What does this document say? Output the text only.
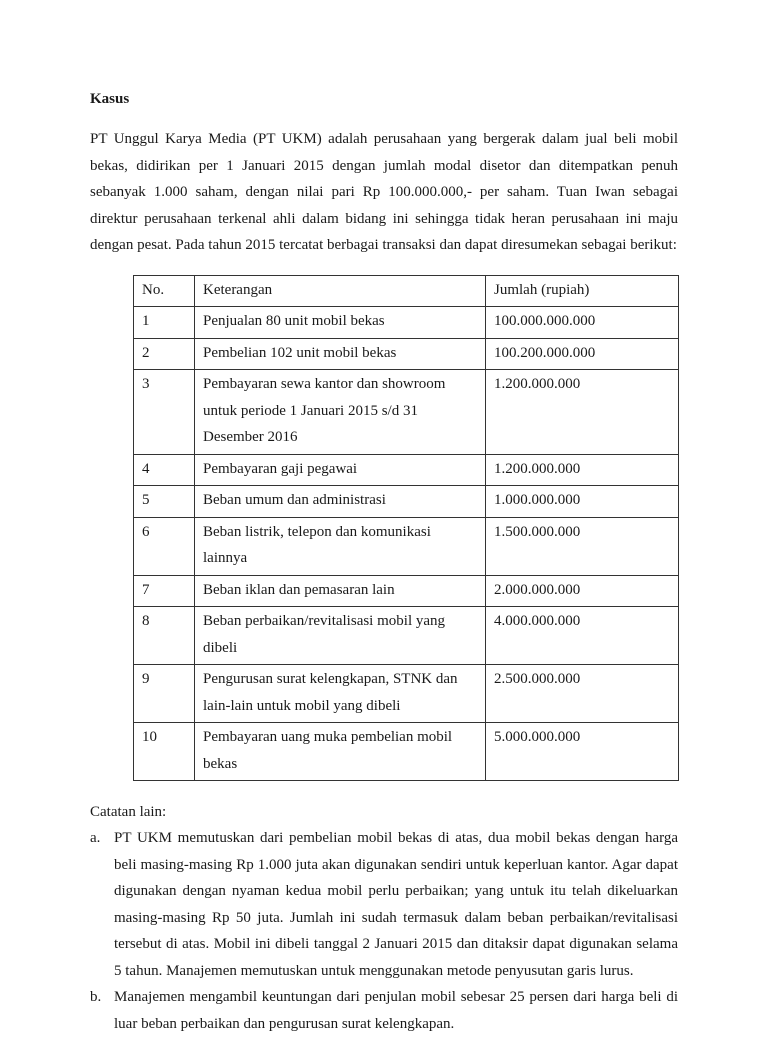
Kasus

PT Unggul Karya Media (PT UKM) adalah perusahaan yang bergerak dalam jual beli mobil bekas, didirikan per 1 Januari 2015 dengan jumlah modal disetor dan ditempatkan penuh sebanyak 1.000 saham, dengan nilai pari Rp 100.000.000,- per saham. Tuan Iwan sebagai direktur perusahaan terkenal ahli dalam bidang ini sehingga tidak heran perusahaan ini maju dengan pesat. Pada tahun 2015 tercatat berbagai transaksi dan dapat diresumekan sebagai berikut:

No.	Keterangan	Jumlah (rupiah)
1	Penjualan 80 unit mobil bekas	100.000.000.000
2	Pembelian 102 unit mobil bekas	100.200.000.000
3	Pembayaran sewa kantor dan showroom untuk periode 1 Januari 2015 s/d 31 Desember 2016	1.200.000.000
4	Pembayaran gaji pegawai	1.200.000.000
5	Beban umum dan administrasi	1.000.000.000
6	Beban listrik, telepon dan komunikasi lainnya	1.500.000.000
7	Beban iklan dan pemasaran lain	2.000.000.000
8	Beban perbaikan/revitalisasi mobil yang dibeli	4.000.000.000
9	Pengurusan surat kelengkapan, STNK dan lain-lain untuk mobil yang dibeli	2.500.000.000
10	Pembayaran uang muka pembelian mobil bekas	5.000.000.000

Catatan lain:

a. PT UKM memutuskan dari pembelian mobil bekas di atas, dua mobil bekas dengan harga beli masing-masing Rp 1.000 juta akan digunakan sendiri untuk keperluan kantor. Agar dapat digunakan dengan nyaman kedua mobil perlu perbaikan; yang untuk itu telah dikeluarkan masing-masing Rp 50 juta. Jumlah ini sudah termasuk dalam beban perbaikan/revitalisasi tersebut di atas. Mobil ini dibeli tanggal 2 Januari 2015 dan ditaksir dapat digunakan selama 5 tahun. Manajemen memutuskan untuk menggunakan metode penyusutan garis lurus.
b. Manajemen mengambil keuntungan dari penjulan mobil sebesar 25 persen dari harga beli di luar beban perbaikan dan pengurusan surat kelengkapan.
